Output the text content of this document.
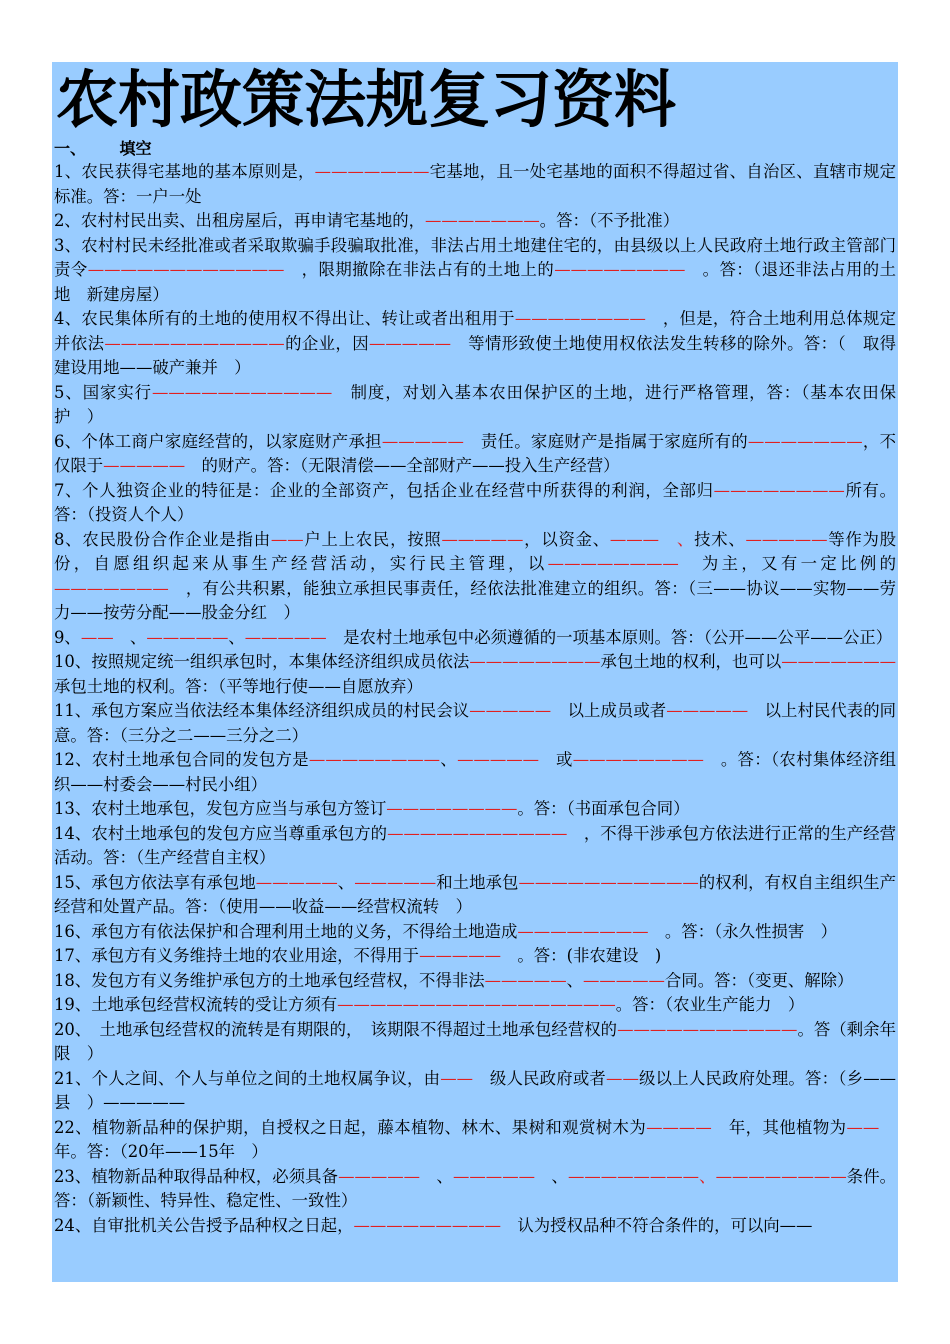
农村政策法规复习资料
一、 填空

1、农民获得宅基地的基本原则是，———————宅基地，且一处宅基地的面积不得超过省、自治区、直辖市规定标准。答：一户一处

2、农村村民出卖、出租房屋后，再申请宅基地的，———————。答：（不予批准）

3、农村村民未经批准或者采取欺骗手段骗取批准，非法占用土地建住宅的，由县级以上人民政府土地行政主管部门责令————————————　，限期撤除在非法占有的土地上的————————　。答：（退还非法占用的土地　新建房屋）

4、农民集体所有的土地的使用权不得出让、转让或者出租用于————————　，但是，符合土地利用总体规定并依法———————————的企业，因—————　等情形致使土地使用权依法发生转移的除外。答：（　取得建设用地——破产兼并　）

5、国家实行———————————　制度，对划入基本农田保护区的土地，进行严格管理，答：（基本农田保护　）

6、个体工商户家庭经营的，以家庭财产承担—————　责任。家庭财产是指属于家庭所有的———————，不仅限于—————　的财产。答：（无限清偿——全部财产——投入生产经营）

7、个人独资企业的特征是：企业的全部资产，包括企业在经营中所获得的利润，全部归————————所有。答：（投资人个人）

8、农民股份合作企业是指由——户上上农民，按照—————，以资金、———　 、技术、—————等作为股份，自愿组织起来从事生产经营活动，实行民主管理，以————————　为主，又有一定比例的———————　，有公共积累，能独立承担民事责任，经依法批准建立的组织。答：（三——协议——实物——劳力——按劳分配——股金分红　）

9、——　、—————、—————　是农村土地承包中必须遵循的一项基本原则。答：（公开——公平——公正）

10、按照规定统一组织承包时，本集体经济组织成员依法————————承包土地的权利，也可以———————承包土地的权利。答：（平等地行使——自愿放弃）

11、承包方案应当依法经本集体经济组织成员的村民会议—————　以上成员或者—————　以上村民代表的同意。答：（三分之二——三分之二）

12、农村土地承包合同的发包方是————————、—————　或————————　。答：（农村集体经济组织——村委会——村民小组）

13、农村土地承包，发包方应当与承包方签订————————。答：（书面承包合同）

14、农村土地承包的发包方应当尊重承包方的———————————　，不得干涉承包方依法进行正常的生产经营活动。答：（生产经营自主权）

15、承包方依法享有承包地—————、—————和土地承包———————————的权利，有权自主组织生产经营和处置产品。答：（使用——收益——经营权流转　）

16、承包方有依法保护和合理利用土地的义务，不得给土地造成————————　。答：（永久性损害　）

17、承包方有义务维持土地的农业用途，不得用于—————　。答：(非农建设　)

18、发包方有义务维护承包方的土地承包经营权，不得非法—————、—————合同。答：（变更、解除）

19、土地承包经营权流转的受让方须有—————————————————。答：（农业生产能力　）

20、　土地承包经营权的流转是有期限的，　该期限不得超过土地承包经营权的———————————。答（剩余年限　）

21、个人之间、个人与单位之间的土地权属争议，由——　级人民政府或者——级以上人民政府处理。答：（乡——县　）—————

22、植物新品种的保护期，自授权之日起，藤本植物、林木、果树和观赏树木为————　年，其他植物为——　年。答：（20年——15年　）

23、植物新品种取得品种权，必须具备—————　、—————　、————————、————————条件。答：（新颖性、特异性、稳定性、一致性）

24、自审批机关公告授予品种权之日起，—————————　认为授权品种不符合条件的，可以向——
